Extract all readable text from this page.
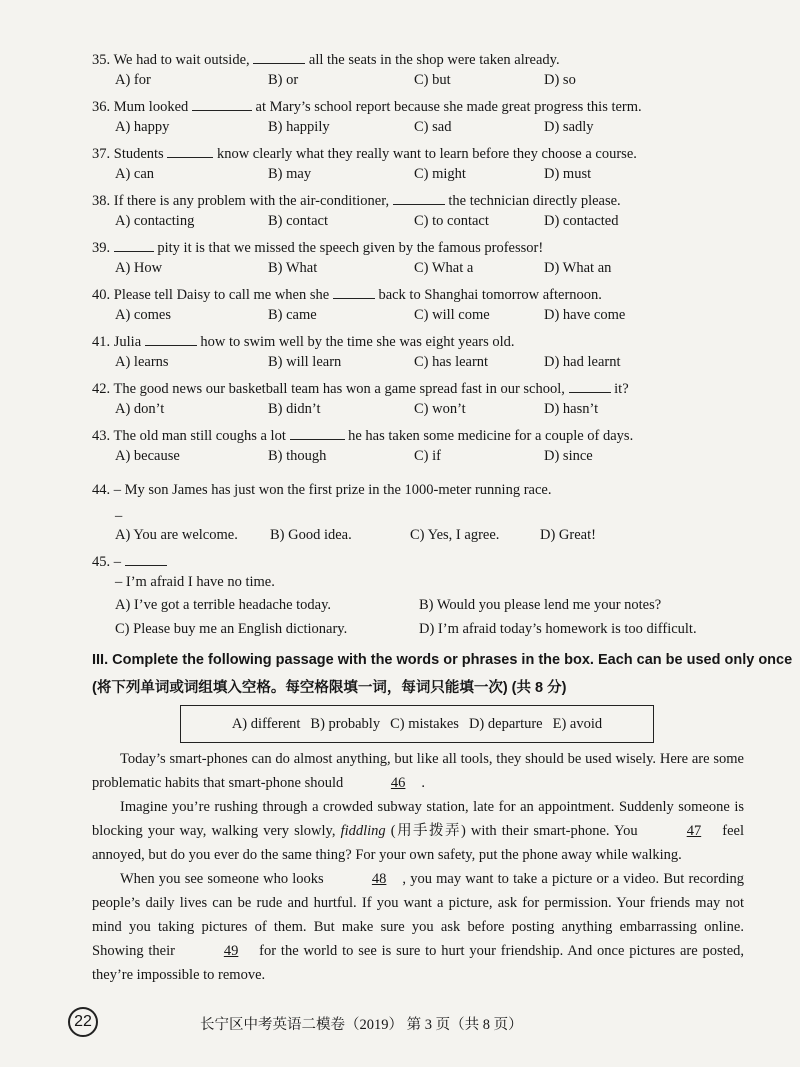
35. We had to wait outside,	all the seats in the shop were taken already.
A) for	B) or	C) but	D) so
36. Mum looked	at Mary’s school report because she made great progress this term.
A) happy	B) happily	C) sad	D) sadly
37. Students	know clearly what they really want to learn before they choose a course.
A) can	B) may	C) might	D) must
38. If there is any problem with the air-conditioner,	the technician directly please.
A) contacting	B) contact	C) to contact	D) contacted
39.	pity it is that we missed the speech given by the famous professor!
A) How	B) What	C) What a	D) What an
40. Please tell Daisy to call me when she	back to Shanghai tomorrow afternoon.
A) comes	B) came	C) will come	D) have come
41. Julia	how to swim well by the time she was eight years old.
A) learns	B) will learn	C) has learnt	D) had learnt
42. The good news our basketball team has won a game spread fast in our school,	it?
A) don’t	B) didn’t	C) won’t	D) hasn’t
43. The old man still coughs a lot	he has taken some medicine for a couple of days.
A) because	B) though	C) if	D) since
44. – My son James has just won the first prize in the 1000-meter running race.
–
A) You are welcome. B) Good idea.	C) Yes, I agree.	D) Great!
45. –
– I’m afraid I have no time.
A) I’ve got a terrible headache today.	B) Would you please lend me your notes?
C) Please buy me an English dictionary.	D) I’m afraid today’s homework is too difficult.
III. Complete the following passage with the words or phrases in the box. Each can be used only once
(将下列单词或词组填入空格。每空格限填一词，每词只能填一次) (共 8 分)
A) different B) probably C) mistakes D) departure E) avoid
Today’s smart-phones can do almost anything, but like all tools, they should be used wisely. Here are some problematic habits that smart-phone should	46 .
Imagine you’re rushing through a crowded subway station, late for an appointment. Suddenly someone is blocking your way, walking very slowly, fiddling (用手拨弄) with their smart-phone. You	47 feel annoyed, but do you ever do the same thing? For your own safety, put the phone away while walking.
When you see someone who looks	48 , you may want to take a picture or a video. But recording people’s daily lives can be rude and hurtful. If you want a picture, ask for permission. Your friends may not mind you taking pictures of them. But make sure you ask before posting anything embarrassing online. Showing their	49 for the world to see is sure to hurt your friendship. And once pictures are posted, they’re impossible to remove.
22	长宁区中考英语二模卷（2019） 第 3 页（共 8 页）
